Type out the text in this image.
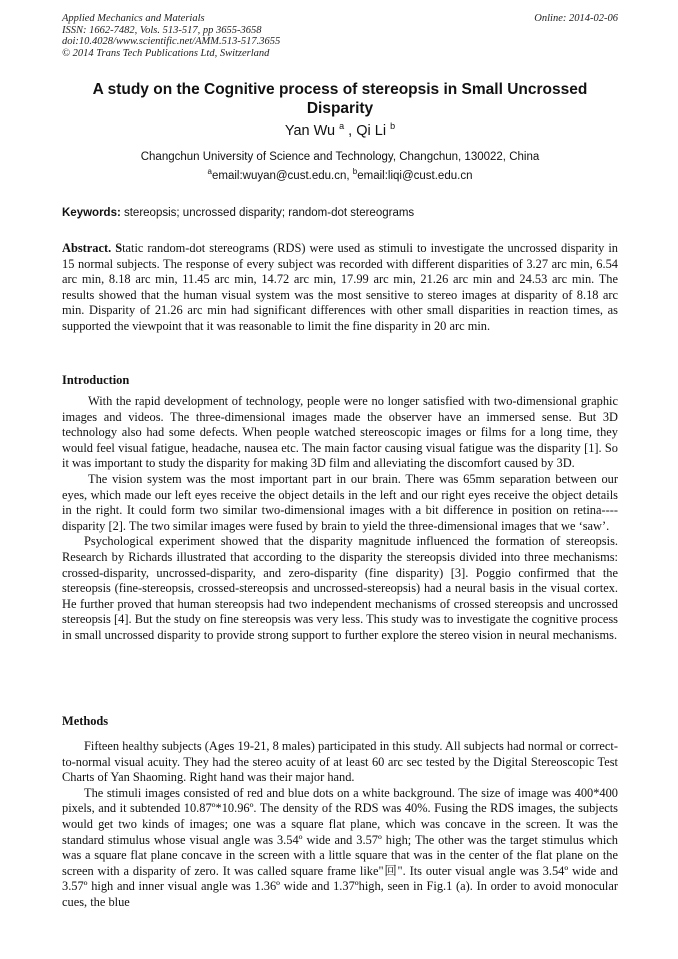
Applied Mechanics and Materials
ISSN: 1662-7482, Vols. 513-517, pp 3655-3658
doi:10.4028/www.scientific.net/AMM.513-517.3655
© 2014 Trans Tech Publications Ltd, Switzerland
Online: 2014-02-06
A study on the Cognitive process of stereopsis in Small Uncrossed Disparity
Yan Wu $^a$ , Qi Li $^b$
Changchun University of Science and Technology, Changchun, 130022, China
$^a$email:wuyan@cust.edu.cn, $^b$email:liqi@cust.edu.cn
Keywords: stereopsis; uncrossed disparity; random-dot stereograms

Abstract. Static random-dot stereograms (RDS) were used as stimuli to investigate the uncrossed disparity in 15 normal subjects. The response of every subject was recorded with different disparities of 3.27 arc min, 6.54 arc min, 8.18 arc min, 11.45 arc min, 14.72 arc min, 17.99 arc min, 21.26 arc min and 24.53 arc min. The results showed that the human visual system was the most sensitive to stereo images at disparity of 8.18 arc min. Disparity of 21.26 arc min had significant differences with other small disparities in reaction times, as supported the viewpoint that it was reasonable to limit the fine disparity in 20 arc min.

Introduction

With the rapid development of technology, people were no longer satisfied with two-dimensional graphic images and videos. The three-dimensional images made the observer have an immersed sense. But 3D technology also had some defects. When people watched stereoscopic images or films for a long time, they would feel visual fatigue, headache, nausea etc. The main factor causing visual fatigue was the disparity [1]. So it was important to study the disparity for making 3D film and alleviating the discomfort caused by 3D.

The vision system was the most important part in our brain. There was 65mm separation between our eyes, which made our left eyes receive the object details in the left and our right eyes receive the object details in the right. It could form two similar two-dimensional images with a bit difference in position on retina----disparity [2]. The two similar images were fused by brain to yield the three-dimensional images that we ‘saw’.

Psychological experiment showed that the disparity magnitude influenced the formation of stereopsis. Research by Richards illustrated that according to the disparity the stereopsis divided into three mechanisms: crossed-disparity, uncrossed-disparity, and zero-disparity (fine disparity) [3]. Poggio confirmed that the stereopsis (fine-stereopsis, crossed-stereopsis and uncrossed-stereopsis) had a neural basis in the visual cortex. He further proved that human stereopsis had two independent mechanisms of crossed stereopsis and uncrossed stereopsis [4]. But the study on fine stereopsis was very less. This study was to investigate the cognitive process in small uncrossed disparity to provide strong support to further explore the stereo vision in neural mechanisms.

Methods

Fifteen healthy subjects (Ages 19-21, 8 males) participated in this study. All subjects had normal or correct-to-normal visual acuity. They had the stereo acuity of at least 60 arc sec tested by the Digital Stereoscopic Test Charts of Yan Shaoming. Right hand was their major hand.

The stimuli images consisted of red and blue dots on a white background. The size of image was 400*400 pixels, and it subtended 10.87º*10.96º. The density of the RDS was 40%. Fusing the RDS images, the subjects would get two kinds of images; one was a square flat plane, which was concave in the screen. It was the standard stimulus whose visual angle was 3.54º wide and 3.57º high; The other was the target stimulus which was a square flat plane concave in the screen with a little square that was in the center of the flat plane on the screen with a disparity of zero. It was called square frame like"回". Its outer visual angle was 3.54º wide and 3.57º high and inner visual angle was 1.36º wide and 1.37ºhigh, seen in Fig.1 (a). In order to avoid monocular cues, the blue
